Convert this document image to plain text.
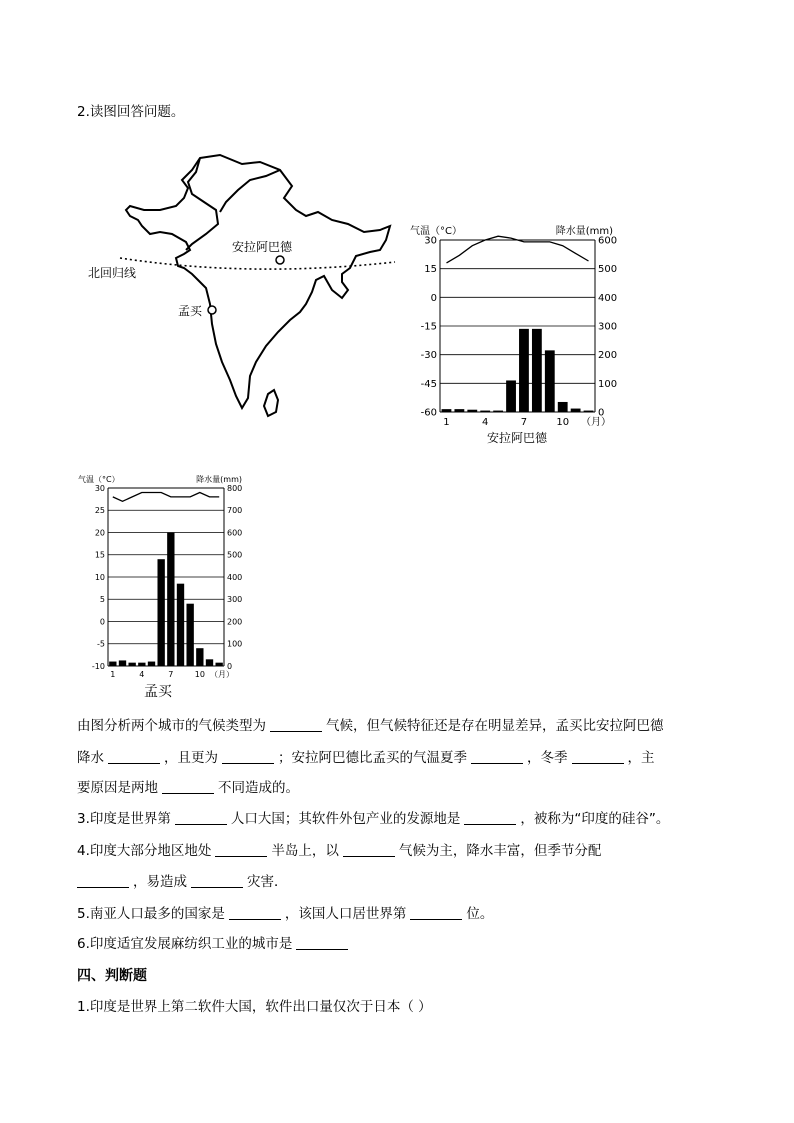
2.读图回答问题。
安拉阿巴德
孟买
北回归线
气温（°C）	降水量(mm)
30	600
15	500
0	400
-15	300
-30	200
-45	100
-60	0
1	4	7	10 （月）
安拉阿巴德
气温（°C）	降水量(mm)
30	800
25	700
20	600
15	500
10	400
5	300
0	200
-5	100
-10	0
1	4	7	10 （月）
孟买
由图分析两个城市的气候类型为	气候，但气候特征还是存在明显差异，孟买比安拉阿巴德
降水	，且更为	；安拉阿巴德比孟买的气温夏季	，冬季	，主
要原因是两地	不同造成的。
3.印度是世界第	人口大国；其软件外包产业的发源地是	，被称为“印度的硅谷”。
4.印度大部分地区地处	半岛上，以	气候为主，降水丰富，但季节分配
，易造成	灾害．
5.南亚人口最多的国家是	，该国人口居世界第	位。
6.印度适宜发展麻纺织工业的城市是
四、判断题
1.印度是世界上第二软件大国，软件出口量仅次于日本（ ）
